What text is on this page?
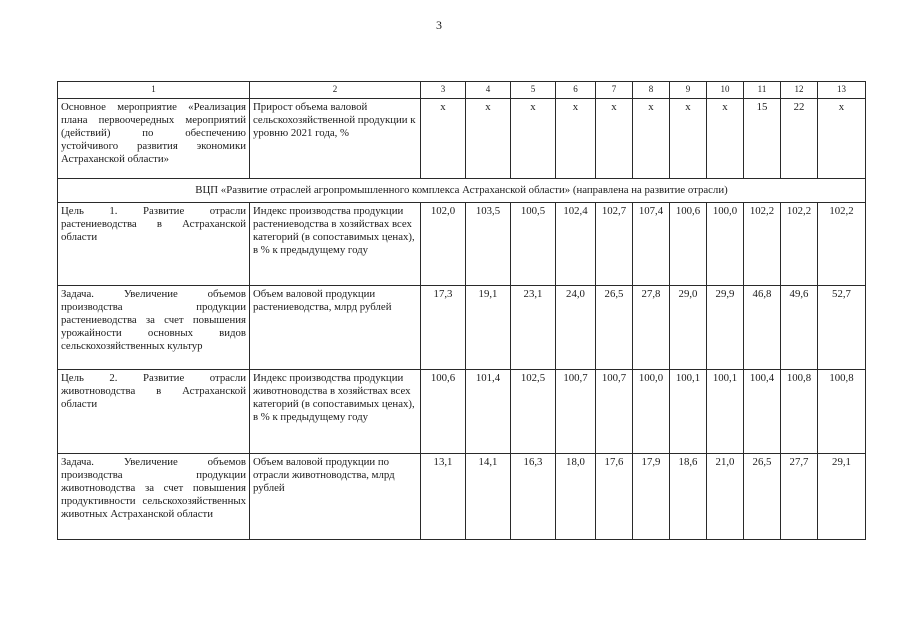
3
1	2	3	4	5	6	7	8	9	10	11	12	13
Основное мероприятие «Реализация плана первоочередных мероприятий (действий) по обеспечению устойчивого развития экономики Астраханской области»	Прирост объема валовой сельскохозяйственной продукции к уровню 2021 года, %	x	x	x	x	x	x	x	x	15	22	x
ВЦП «Развитие отраслей агропромышленного комплекса Астраханской области» (направлена на развитие отрасли)												
Цель 1. Развитие отрасли растениеводства в Астраханской области	Индекс производства продукции растениеводства в хозяйствах всех категорий (в сопоставимых ценах), в % к предыдущему году	102,0	103,5	100,5	102,4	102,7	107,4	100,6	100,0	102,2	102,2	102,2
Задача. Увеличение объемов производства продукции растениеводства за счет повышения урожайности основных видов сельскохозяйственных культур	Объем валовой продукции растениеводства, млрд рублей	17,3	19,1	23,1	24,0	26,5	27,8	29,0	29,9	46,8	49,6	52,7
Цель 2. Развитие отрасли животноводства в Астраханской области	Индекс производства продукции животноводства в хозяйствах всех категорий (в сопоставимых ценах), в % к предыдущему году	100,6	101,4	102,5	100,7	100,7	100,0	100,1	100,1	100,4	100,8	100,8
Задача. Увеличение объемов производства продукции животноводства за счет повышения продуктивности сельскохозяйственных животных Астраханской области	Объем валовой продукции по отрасли животноводства, млрд рублей	13,1	14,1	16,3	18,0	17,6	17,9	18,6	21,0	26,5	27,7	29,1
